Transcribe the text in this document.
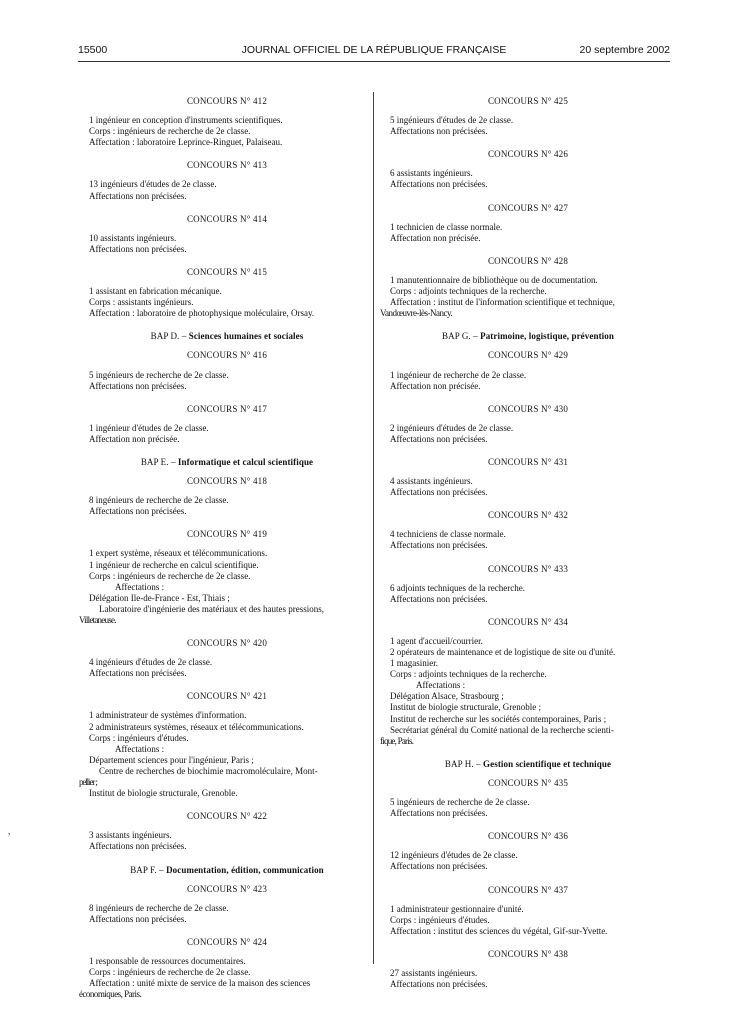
15500	JOURNAL OFFICIEL DE LA RÉPUBLIQUE FRANÇAISE	20 septembre 2002
CONCOURS N° 412
1 ingénieur en conception d'instruments scientifiques.
Corps : ingénieurs de recherche de 2e classe.
Affectation : laboratoire Leprince-Ringuet, Palaiseau.
CONCOURS N° 413
13 ingénieurs d'études de 2e classe.
Affectations non précisées.
CONCOURS N° 414
10 assistants ingénieurs.
Affectations non précisées.
CONCOURS N° 415
1 assistant en fabrication mécanique.
Corps : assistants ingénieurs.
Affectation : laboratoire de photophysique moléculaire, Orsay.
BAP D. – Sciences humaines et sociales
CONCOURS N° 416
5 ingénieurs de recherche de 2e classe.
Affectations non précisées.
CONCOURS N° 417
1 ingénieur d'études de 2e classe.
Affectation non précisée.
BAP E. – Informatique et calcul scientifique
CONCOURS N° 418
8 ingénieurs de recherche de 2e classe.
Affectations non précisées.
CONCOURS N° 419
1 expert système, réseaux et télécommunications.
1 ingénieur de recherche en calcul scientifique.
Corps : ingénieurs de recherche de 2e classe.
Affectations :
Délégation Ile-de-France - Est, Thiais ;
Laboratoire d'ingénierie des matériaux et des hautes pressions,
Villetaneuse.
CONCOURS N° 420
4 ingénieurs d'études de 2e classe.
Affectations non précisées.
CONCOURS N° 421
1 administrateur de systèmes d'information.
2 administrateurs systèmes, réseaux et télécommunications.
Corps : ingénieurs d'études.
Affectations :
Département sciences pour l'ingénieur, Paris ;
Centre de recherches de biochimie macromoléculaire, Mont-
pellier ;
Institut de biologie structurale, Grenoble.
CONCOURS N° 422
3 assistants ingénieurs.
Affectations non précisées.
BAP F. – Documentation, édition, communication
CONCOURS N° 423
8 ingénieurs de recherche de 2e classe.
Affectations non précisées.
CONCOURS N° 424
1 responsable de ressources documentaires.
Corps : ingénieurs de recherche de 2e classe.
Affectation : unité mixte de service de la maison des sciences
économiques, Paris.
CONCOURS N° 425
5 ingénieurs d'études de 2e classe.
Affectations non précisées.
CONCOURS N° 426
6 assistants ingénieurs.
Affectations non précisées.
CONCOURS N° 427
1 technicien de classe normale.
Affectation non précisée.
CONCOURS N° 428
1 manutentionnaire de bibliothèque ou de documentation.
Corps : adjoints techniques de la recherche.
Affectation : institut de l'information scientifique et technique,
Vandœuvre-lès-Nancy.
BAP G. – Patrimoine, logistique, prévention
CONCOURS N° 429
1 ingénieur de recherche de 2e classe.
Affectation non précisée.
CONCOURS N° 430
2 ingénieurs d'études de 2e classe.
Affectations non précisées.
CONCOURS N° 431
4 assistants ingénieurs.
Affectations non précisées.
CONCOURS N° 432
4 techniciens de classe normale.
Affectations non précisées.
CONCOURS N° 433
6 adjoints techniques de la recherche.
Affectations non précisées.
CONCOURS N° 434
1 agent d'accueil/courrier.
2 opérateurs de maintenance et de logistique de site ou d'unité.
1 magasinier.
Corps : adjoints techniques de la recherche.
Affectations :
Délégation Alsace, Strasbourg ;
Institut de biologie structurale, Grenoble ;
Institut de recherche sur les sociétés contemporaines, Paris ;
Secrétariat général du Comité national de la recherche scienti-
fique, Paris.
BAP H. – Gestion scientifique et technique
CONCOURS N° 435
5 ingénieurs de recherche de 2e classe.
Affectations non précisées.
CONCOURS N° 436
12 ingénieurs d'études de 2e classe.
Affectations non précisées.
CONCOURS N° 437
1 administrateur gestionnaire d'unité.
Corps : ingénieurs d'études.
Affectation : institut des sciences du végétal, Gif-sur-Yvette.
CONCOURS N° 438
27 assistants ingénieurs.
Affectations non précisées.
,
